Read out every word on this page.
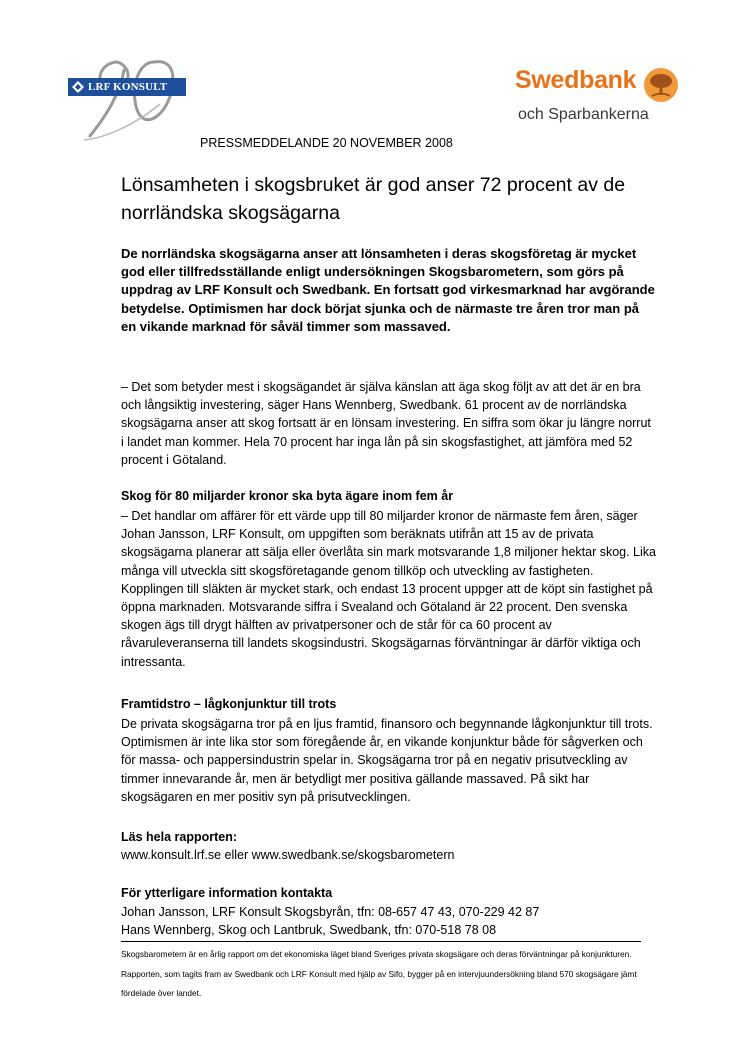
LRF KONSULT	Swedbank
och Sparbankerna
PRESSMEDDELANDE 20 NOVEMBER 2008
Lönsamheten i skogsbruket är god anser 72 procent av de norrländska skogsägarna

De norrländska skogsägarna anser att lönsamheten i deras skogsföretag är mycket god eller tillfredsställande enligt undersökningen Skogsbarometern, som görs på uppdrag av LRF Konsult och Swedbank. En fortsatt god virkesmarknad har avgörande betydelse. Optimismen har dock börjat sjunka och de närmaste tre åren tror man på en vikande marknad för såväl timmer som massaved.

– Det som betyder mest i skogsägandet är själva känslan att äga skog följt av att det är en bra och långsiktig investering, säger Hans Wennberg, Swedbank. 61 procent av de norrländska skogsägarna anser att skog fortsatt är en lönsam investering. En siffra som ökar ju längre norrut i landet man kommer. Hela 70 procent har inga lån på sin skogsfastighet, att jämföra med 52 procent i Götaland.

Skog för 80 miljarder kronor ska byta ägare inom fem år

– Det handlar om affärer för ett värde upp till 80 miljarder kronor de närmaste fem åren, säger Johan Jansson, LRF Konsult, om uppgiften som beräknats utifrån att 15 av de privata skogsägarna planerar att sälja eller överlåta sin mark motsvarande 1,8 miljoner hektar skog. Lika många vill utveckla sitt skogsföretagande genom tillköp och utveckling av fastigheten. Kopplingen till släkten är mycket stark, och endast 13 procent uppger att de köpt sin fastighet på öppna marknaden. Motsvarande siffra i Svealand och Götaland är 22 procent. Den svenska skogen ägs till drygt hälften av privatpersoner och de står för ca 60 procent av råvaruleveranserna till landets skogsindustri. Skogsägarnas förväntningar är därför viktiga och intressanta.

Framtidstro – lågkonjunktur till trots

De privata skogsägarna tror på en ljus framtid, finansoro och begynnande lågkonjunktur till trots. Optimismen är inte lika stor som föregående år, en vikande konjunktur både för sågverken och för massa- och pappersindustrin spelar in. Skogsägarna tror på en negativ prisutveckling av timmer innevarande år, men är betydligt mer positiva gällande massaved. På sikt har skogsägaren en mer positiv syn på prisutvecklingen.

Läs hela rapporten:

www.konsult.lrf.se eller www.swedbank.se/skogsbarometern

För ytterligare information kontakta

Johan Jansson, LRF Konsult Skogsbyrån, tfn: 08-657 47 43, 070-229 42 87

Hans Wennberg, Skog och Lantbruk, Swedbank, tfn: 070-518 78 08

Skogsbarometern är en årlig rapport om det ekonomiska läget bland Sveriges privata skogsägare och deras förväntningar på konjunkturen. Rapporten, som tagits fram av Swedbank och LRF Konsult med hjälp av Sifo, bygger på en intervjuundersökning bland 570 skogsägare jämt fördelade över landet.
